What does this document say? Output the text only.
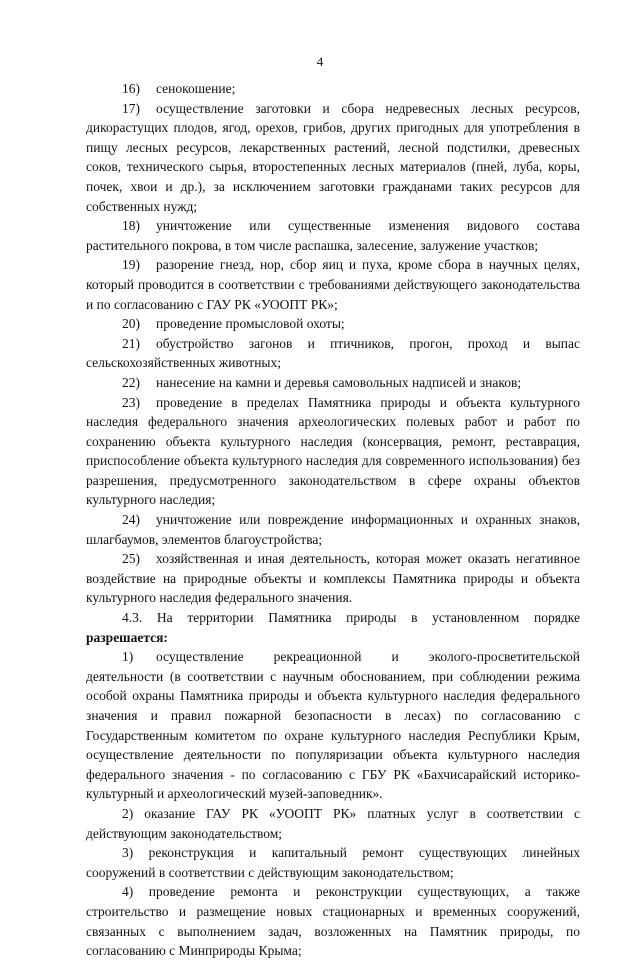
4

16) сенокошение;

17) осуществление заготовки и сбора недревесных лесных ресурсов, дикорастущих плодов, ягод, орехов, грибов, других пригодных для употребления в пищу лесных ресурсов, лекарственных растений, лесной подстилки, древесных соков, технического сырья, второстепенных лесных материалов (пней, луба, коры, почек, хвои и др.), за исключением заготовки гражданами таких ресурсов для собственных нужд;

18) уничтожение или существенные изменения видового состава растительного покрова, в том числе распашка, залесение, залужение участков;

19) разорение гнезд, нор, сбор яиц и пуха, кроме сбора в научных целях, который проводится в соответствии с требованиями действующего законодательства и по согласованию с ГАУ РК «УООПТ РК»;

20) проведение промысловой охоты;

21) обустройство загонов и птичников, прогон, проход и выпас сельскохозяйственных животных;

22) нанесение на камни и деревья самовольных надписей и знаков;

23) проведение в пределах Памятника природы и объекта культурного наследия федерального значения археологических полевых работ и работ по сохранению объекта культурного наследия (консервация, ремонт, реставрация, приспособление объекта культурного наследия для современного использования) без разрешения, предусмотренного законодательством в сфере охраны объектов культурного наследия;

24) уничтожение или повреждение информационных и охранных знаков, шлагбаумов, элементов благоустройства;

25) хозяйственная и иная деятельность, которая может оказать негативное воздействие на природные объекты и комплексы Памятника природы и объекта культурного наследия федерального значения.

4.3. На территории Памятника природы в установленном порядке разрешается:

1) осуществление рекреационной и эколого-просветительской деятельности (в соответствии с научным обоснованием, при соблюдении режима особой охраны Памятника природы и объекта культурного наследия федерального значения и правил пожарной безопасности в лесах) по согласованию с Государственным комитетом по охране культурного наследия Республики Крым, осуществление деятельности по популяризации объекта культурного наследия федерального значения - по согласованию с ГБУ РК «Бахчисарайский историко-культурный и археологический музей-заповедник».

2) оказание ГАУ РК «УООПТ РК» платных услуг в соответствии с действующим законодательством;

3) реконструкция и капитальный ремонт существующих линейных сооружений в соответствии с действующим законодательством;

4) проведение ремонта и реконструкции существующих, а также строительство и размещение новых стационарных и временных сооружений, связанных с выполнением задач, возложенных на Памятник природы, по согласованию с Минприроды Крыма;
